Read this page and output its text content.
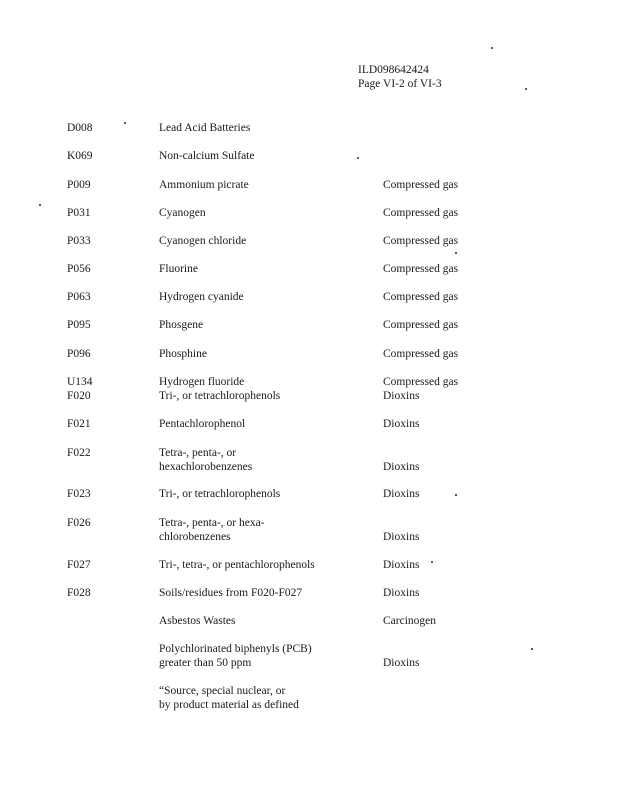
ILD098642424
Page VI-2 of VI-3
D008	Lead Acid Batteries
K069	Non-calcium Sulfate
P009	Ammonium picrate	Compressed gas
P031	Cyanogen	Compressed gas
P033	Cyanogen chloride	Compressed gas
P056	Fluorine	Compressed gas
P063	Hydrogen cyanide	Compressed gas
P095	Phosgene	Compressed gas
P096	Phosphine	Compressed gas
U134	Hydrogen fluoride	Compressed gas
F020	Tri-, or tetrachlorophenols	Dioxins
F021	Pentachlorophenol	Dioxins
F022	Tetra-, penta-, or
hexachlorobenzenes	Dioxins
F023	Tri-, or tetrachlorophenols	Dioxins
F026	Tetra-, penta-, or hexa-
chlorobenzenes	Dioxins
F027	Tri-, tetra-, or pentachlorophenols	Dioxins
F028	Soils/residues from F020-F027	Dioxins
Asbestos Wastes	Carcinogen
Polychlorinated biphenyls (PCB)
greater than 50 ppm	Dioxins
“Source, special nuclear, or
by product material as defined
